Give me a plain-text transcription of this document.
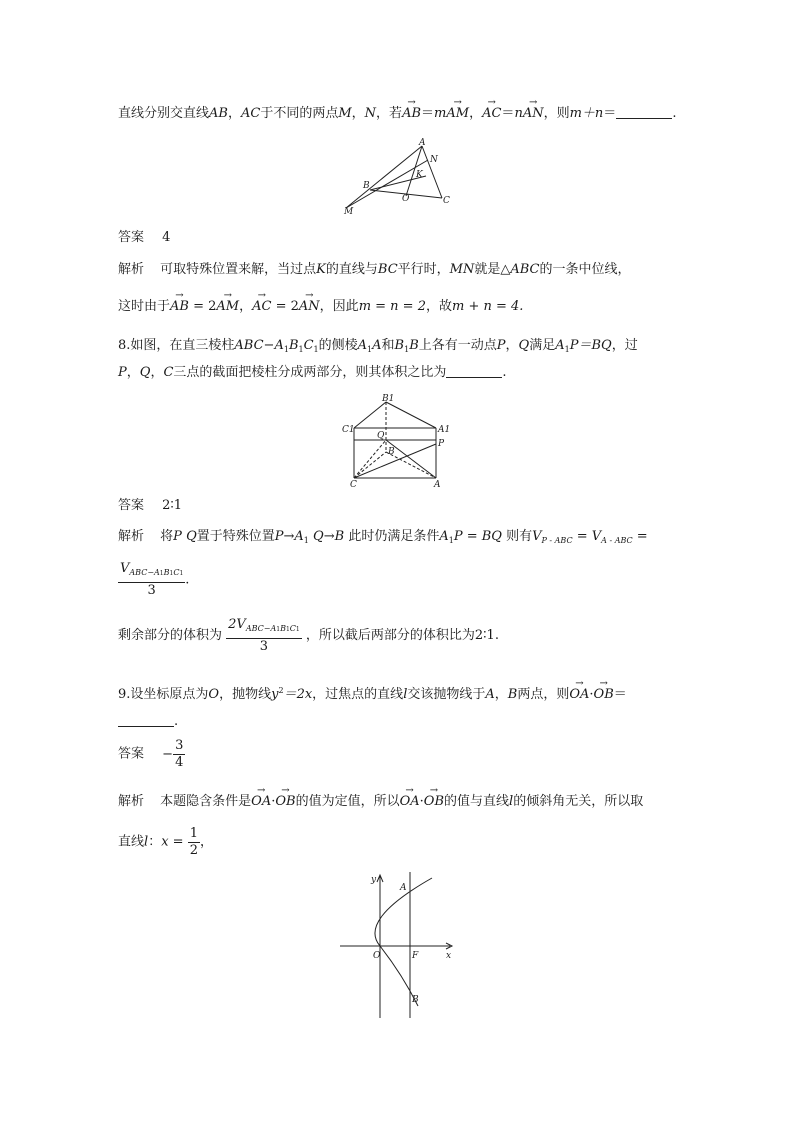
直线分别交直线AB，AC于不同的两点M，N，若→ AB＝m→ AM，→ AC＝n→ AN，则m＋n＝	.
A
N
K
B
O	C
M
答案 4
解析 可取特殊位置来解，当过点K的直线与BC平行时，MN就是△ABC的一条中位线，
这时由于→ AB = 2→ AM，→ AC = 2→ AN，因此m = n = 2，故m + n = 4.
8.如图，在直三棱柱$ABC-A_1B_1C_1$的侧棱$A_1A$和$B_1B$上各有一动点P，Q满足$A_1P=BQ$，过
P，Q，C三点的截面把棱柱分成两部分，则其体积之比为	.
B1
C1	A1
Q
P
B
C	A
答案 2∶1
解析 将P Q置于特殊位置$P\to A_1$ Q→B 此时仍满足条件$A_1P$ = BQ 则有$V_{P - ABC} = V_{A - ABC}$ =
$\frac{V_{ABC-A1B1C1}}{3}$ .
剩余部分的体积为 $\frac{2V_{ABC-A1B1C1}}{3}$ ，所以截后两部分的体积比为2∶1.
9.设坐标原点为O，抛物线$y^2=2x$，过焦点的直线l交该抛物线于A，B两点，则→ OA·→ OB＝
.
答案 − $\frac{3}{4}$
解析 本题隐含条件是→ OA·→ OB的值为定值，所以→ OA·→ OB的值与直线l的倾斜角无关，所以取
直线l：$x = \frac{1}{2}$ ，
y
A
O	F	x
B
